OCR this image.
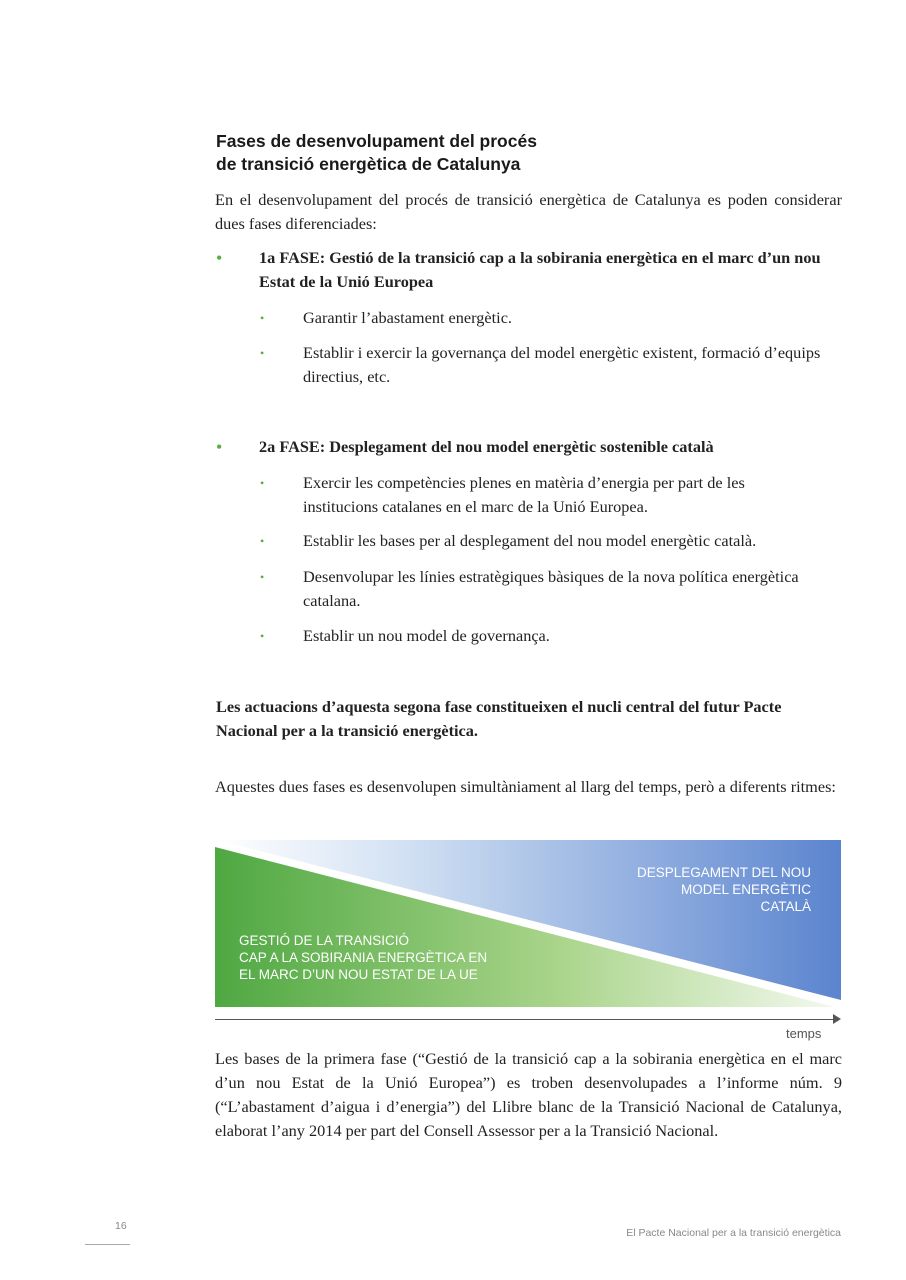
Fases de desenvolupament del procés
de transició energètica de Catalunya
En el desenvolupament del procés de transició energètica de Catalunya es poden considerar dues fases diferenciades:
• 1a FASE: Gestió de la transició cap a la sobirania energètica en el marc d’un nou Estat de la Unió Europea
• Garantir l’abastament energètic.
• Establir i exercir la governança del model energètic existent, formació d’equips directius, etc.
• 2a FASE: Desplegament del nou model energètic sostenible català
• Exercir les competències plenes en matèria d’energia per part de les institucions catalanes en el marc de la Unió Europea.
• Establir les bases per al desplegament del nou model energètic català.
• Desenvolupar les línies estratègiques bàsiques de la nova política energètica catalana.
• Establir un nou model de governança.
Les actuacions d’aquesta segona fase constitueixen el nucli central del futur Pacte Nacional per a la transició energètica.
Aquestes dues fases es desenvolupen simultàniament al llarg del temps, però a diferents ritmes:
GESTIÓ DE LA TRANSICIÓ
CAP A LA SOBIRANIA ENERGÈTICA EN
EL MARC D’UN NOU ESTAT DE LA UE
DESPLEGAMENT DEL NOU
MODEL ENERGÈTIC
CATALÀ
temps
Les bases de la primera fase (“Gestió de la transició cap a la sobirania energètica en el marc d’un nou Estat de la Unió Europea”) es troben desenvolupades a l’informe núm. 9 (“L’abastament d’aigua i d’energia”) del Llibre blanc de la Transició Nacional de Catalunya, elaborat l’any 2014 per part del Consell Assessor per a la Transició Nacional.
16
El Pacte Nacional per a la transició energètica
